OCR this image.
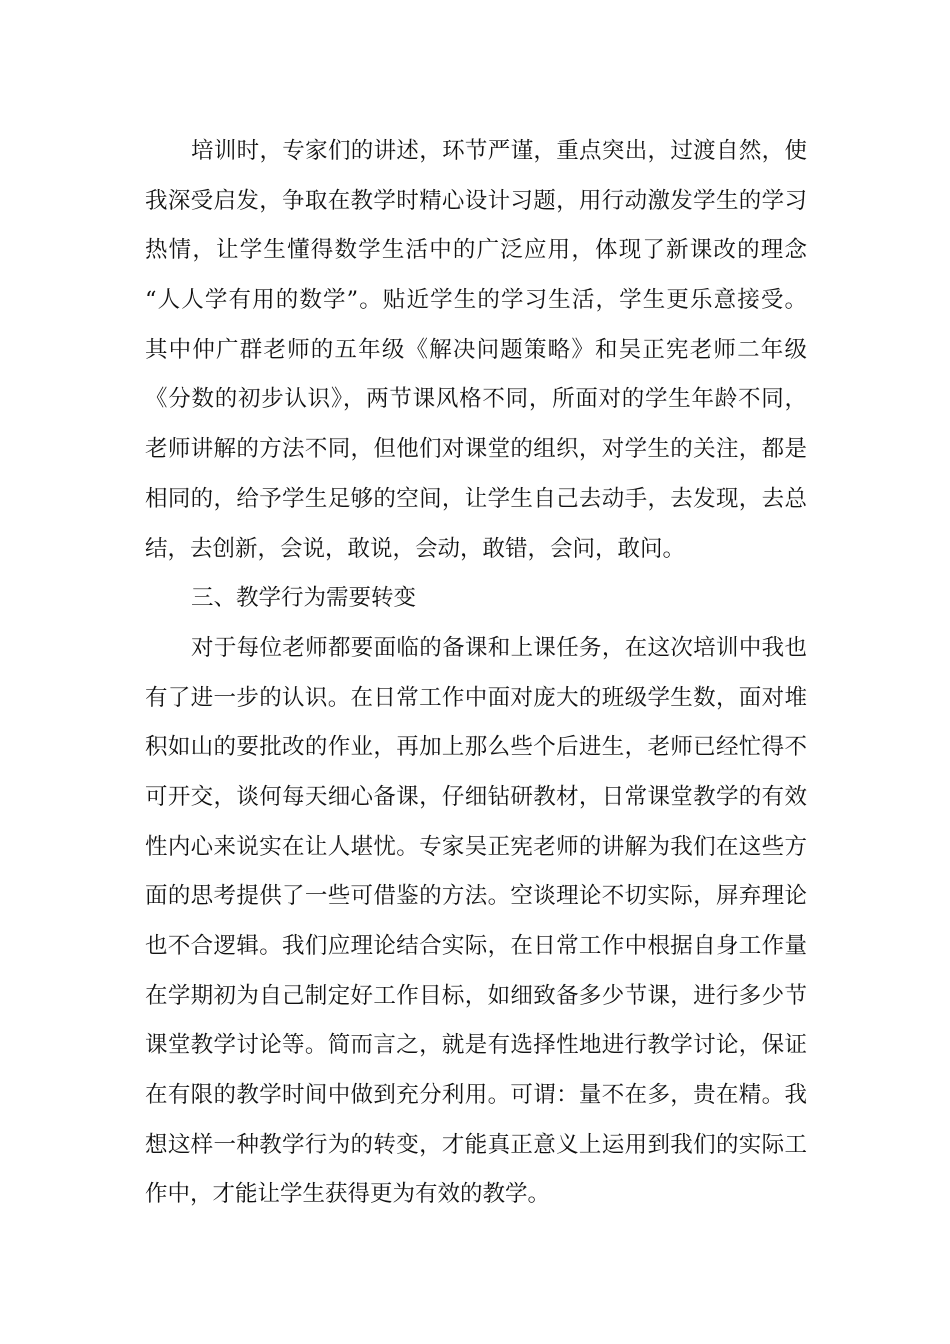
培训时，专家们的讲述，环节严谨，重点突出，过渡自然，使
我深受启发，争取在教学时精心设计习题，用行动激发学生的学习
热情，让学生懂得数学生活中的广泛应用，体现了新课改的理念
“人人学有用的数学”。贴近学生的学习生活，学生更乐意接受。
其中仲广群老师的五年级《解决问题策略》和吴正宪老师二年级
《分数的初步认识》，两节课风格不同，所面对的学生年龄不同，
老师讲解的方法不同，但他们对课堂的组织，对学生的关注，都是
相同的，给予学生足够的空间，让学生自己去动手，去发现，去总
结，去创新，会说，敢说，会动，敢错，会问，敢问。
三、教学行为需要转变
对于每位老师都要面临的备课和上课任务，在这次培训中我也
有了进一步的认识。在日常工作中面对庞大的班级学生数，面对堆
积如山的要批改的作业，再加上那么些个后进生，老师已经忙得不
可开交，谈何每天细心备课，仔细钻研教材，日常课堂教学的有效
性内心来说实在让人堪忧。专家吴正宪老师的讲解为我们在这些方
面的思考提供了一些可借鉴的方法。空谈理论不切实际，屏弃理论
也不合逻辑。我们应理论结合实际，在日常工作中根据自身工作量
在学期初为自己制定好工作目标，如细致备多少节课，进行多少节
课堂教学讨论等。简而言之，就是有选择性地进行教学讨论，保证
在有限的教学时间中做到充分利用。可谓：量不在多，贵在精。我
想这样一种教学行为的转变，才能真正意义上运用到我们的实际工
作中，才能让学生获得更为有效的教学。
